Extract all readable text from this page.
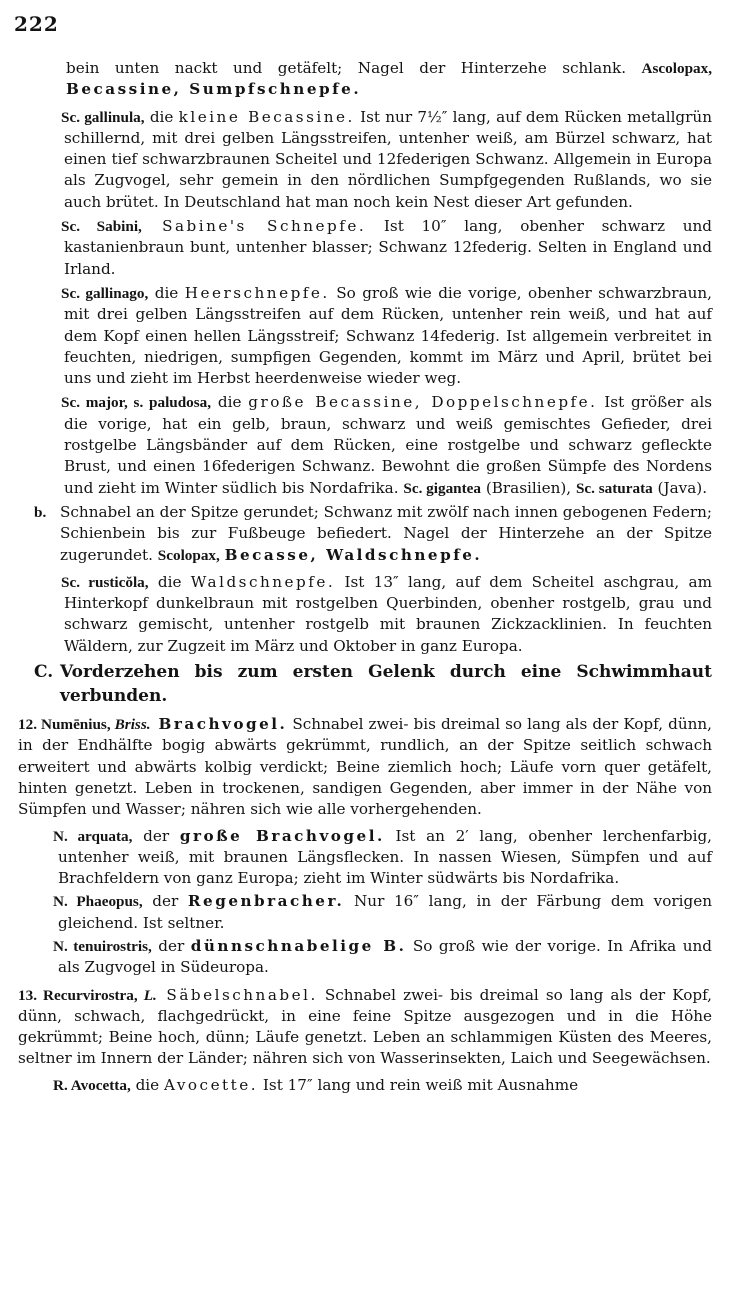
222

bein unten nackt und getäfelt; Nagel der Hinterzehe schlank. Ascolopax, Becassine, Sumpfschnepfe.

Sc. gallinula, die kleine Becassine. Ist nur 7½″ lang, auf dem Rücken metallgrün schillernd, mit drei gelben Längsstreifen, untenher weiß, am Bürzel schwarz, hat einen tief schwarzbraunen Scheitel und 12federigen Schwanz. Allgemein in Europa als Zugvogel, sehr gemein in den nördlichen Sumpfgegenden Rußlands, wo sie auch brütet. In Deutschland hat man noch kein Nest dieser Art gefunden.

Sc. Sabini, Sabine's Schnepfe. Ist 10″ lang, obenher schwarz und kastanienbraun bunt, untenher blasser; Schwanz 12federig. Selten in England und Irland.

Sc. gallinago, die Heerschnepfe. So groß wie die vorige, obenher schwarzbraun, mit drei gelben Längsstreifen auf dem Rücken, untenher rein weiß, und hat auf dem Kopf einen hellen Längsstreif; Schwanz 14federig. Ist allgemein verbreitet in feuchten, niedrigen, sumpfigen Gegenden, kommt im März und April, brütet bei uns und zieht im Herbst heerdenweise wieder weg.

Sc. major, s. paludosa, die große Becassine, Doppelschnepfe. Ist größer als die vorige, hat ein gelb, braun, schwarz und weiß gemischtes Gefieder, drei rostgelbe Längsbänder auf dem Rücken, eine rostgelbe und schwarz gefleckte Brust, und einen 16federigen Schwanz. Bewohnt die großen Sümpfe des Nordens und zieht im Winter südlich bis Nordafrika. Sc. gigantea (Brasilien), Sc. saturata (Java).

b. Schnabel an der Spitze gerundet; Schwanz mit zwölf nach innen gebogenen Federn; Schienbein bis zur Fußbeuge befiedert. Nagel der Hinterzehe an der Spitze zugerundet. Scolopax, Becasse, Waldschnepfe.

Sc. rusticŏla, die Waldschnepfe. Ist 13″ lang, auf dem Scheitel aschgrau, am Hinterkopf dunkelbraun mit rostgelben Querbinden, obenher rostgelb, grau und schwarz gemischt, untenher rostgelb mit braunen Zickzacklinien. In feuchten Wäldern, zur Zugzeit im März und Oktober in ganz Europa.

C. Vorderzehen bis zum ersten Gelenk durch eine Schwimmhaut verbunden.

12. Numēnius, Briss. Brachvogel. Schnabel zwei- bis dreimal so lang als der Kopf, dünn, in der Endhälfte bogig abwärts gekrümmt, rundlich, an der Spitze seitlich schwach erweitert und abwärts kolbig verdickt; Beine ziemlich hoch; Läufe vorn quer getäfelt, hinten genetzt. Leben in trockenen, sandigen Gegenden, aber immer in der Nähe von Sümpfen und Wasser; nähren sich wie alle vorhergehenden.

N. arquata, der große Brachvogel. Ist an 2′ lang, obenher lerchenfarbig, untenher weiß, mit braunen Längsflecken. In nassen Wiesen, Sümpfen und auf Brachfeldern von ganz Europa; zieht im Winter südwärts bis Nordafrika.

N. Phaeopus, der Regenbracher. Nur 16″ lang, in der Färbung dem vorigen gleichend. Ist seltner.

N. tenuirostris, der dünnschnabelige B. So groß wie der vorige. In Afrika und als Zugvogel in Südeuropa.

13. Recurvirostra, L. Säbelschnabel. Schnabel zwei- bis dreimal so lang als der Kopf, dünn, schwach, flachgedrückt, in eine feine Spitze ausgezogen und in die Höhe gekrümmt; Beine hoch, dünn; Läufe genetzt. Leben an schlammigen Küsten des Meeres, seltner im Innern der Länder; nähren sich von Wasserinsekten, Laich und Seegewächsen.

R. Avocetta, die Avocette. Ist 17″ lang und rein weiß mit Ausnahme
